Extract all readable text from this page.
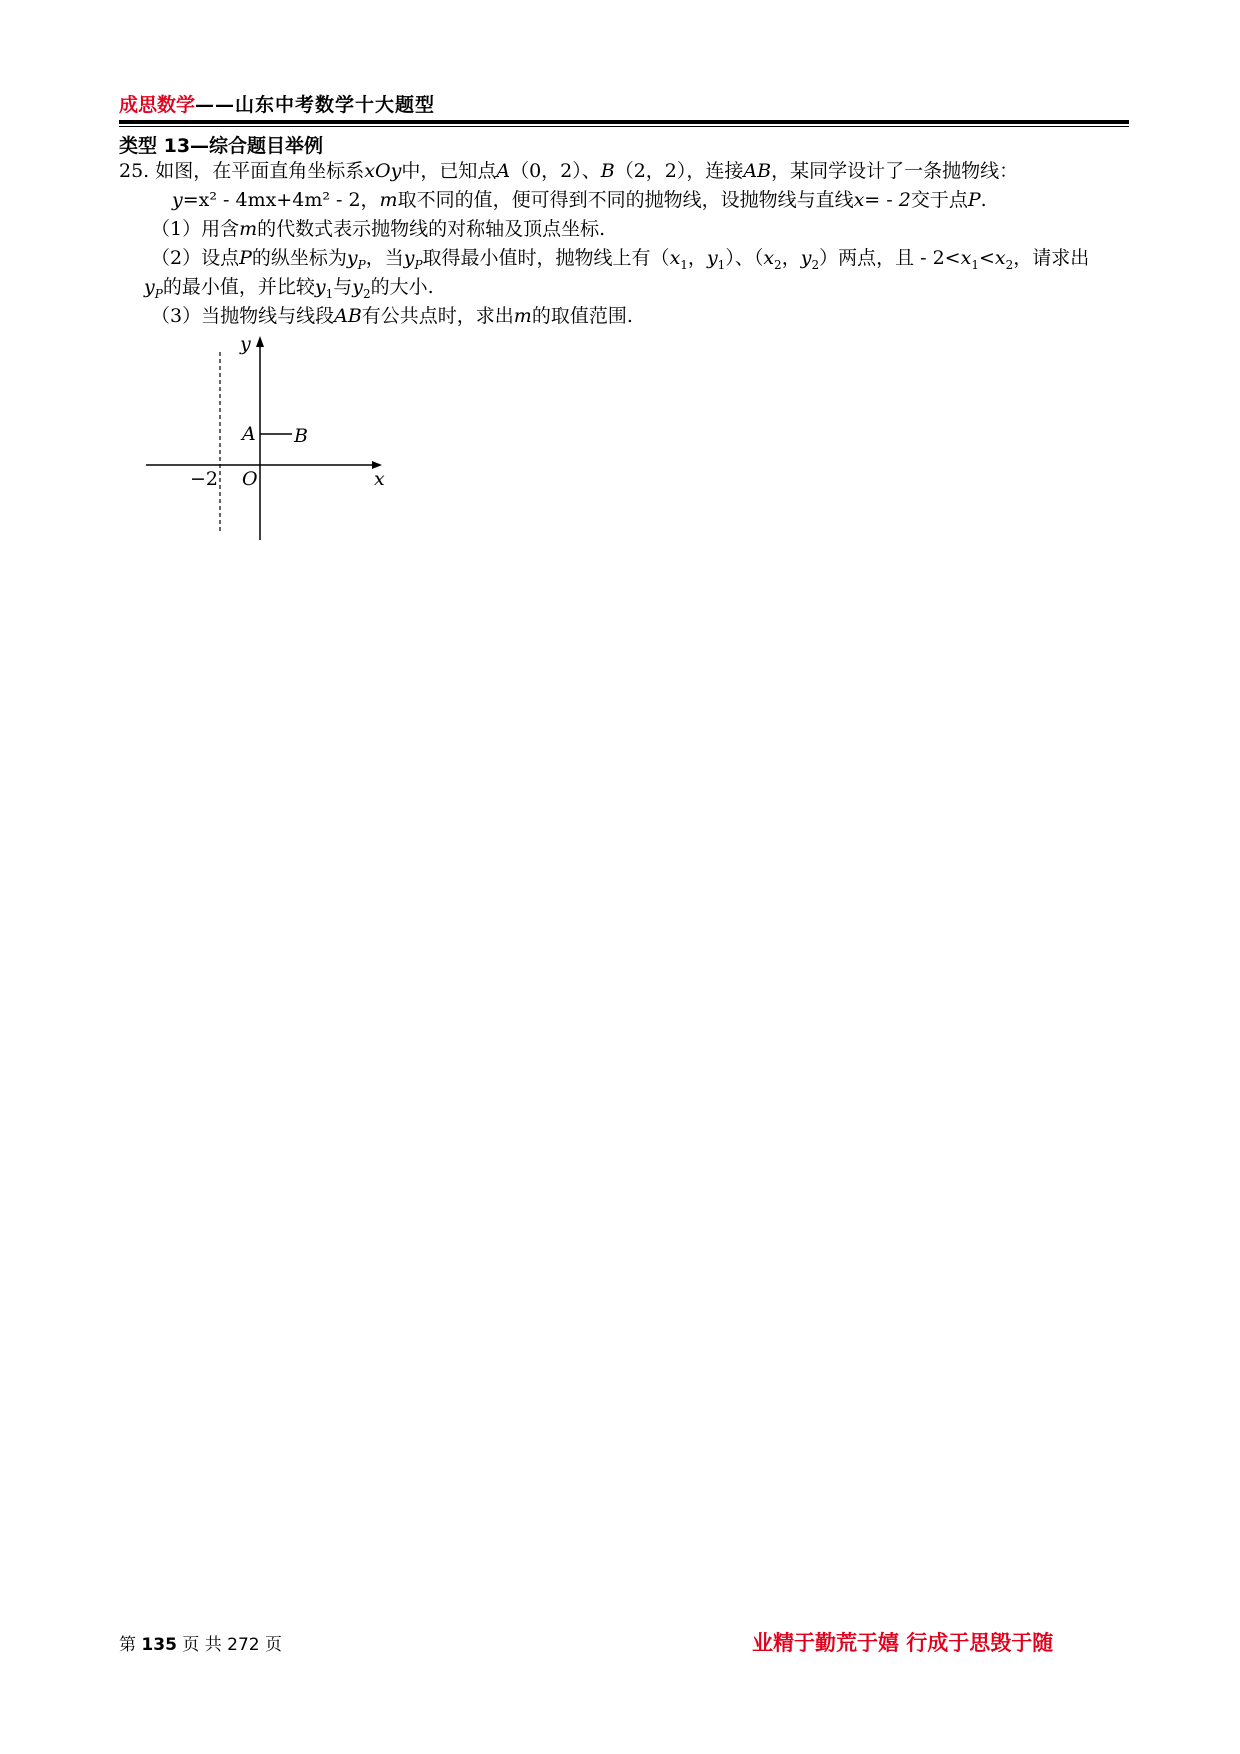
成思数学——山东中考数学十大题型
类型 13—综合题目举例
25. 如图，在平面直角坐标系xOy中，已知点A（0，2）、B（2，2），连接AB，某同学设计了一条抛物线：
y=x² - 4mx+4m² - 2，m取不同的值，便可得到不同的抛物线，设抛物线与直线x= - 2交于点P.
（1）用含m的代数式表示抛物线的对称轴及顶点坐标.
（2）设点P的纵坐标为$y_P$，当$y_P$取得最小值时，抛物线上有（$x_1$，$y_1$）、（$x_2$，$y_2$）两点，且 - $2<x_1<x_2$，请求出
$y_P$的最小值，并比较$y_1$与$y_2$的大小.
（3）当抛物线与线段AB有公共点时，求出m的取值范围.
y
x
A B
O
−2
第 135 页 共 272 页	业精于勤荒于嬉 行成于思毁于随
